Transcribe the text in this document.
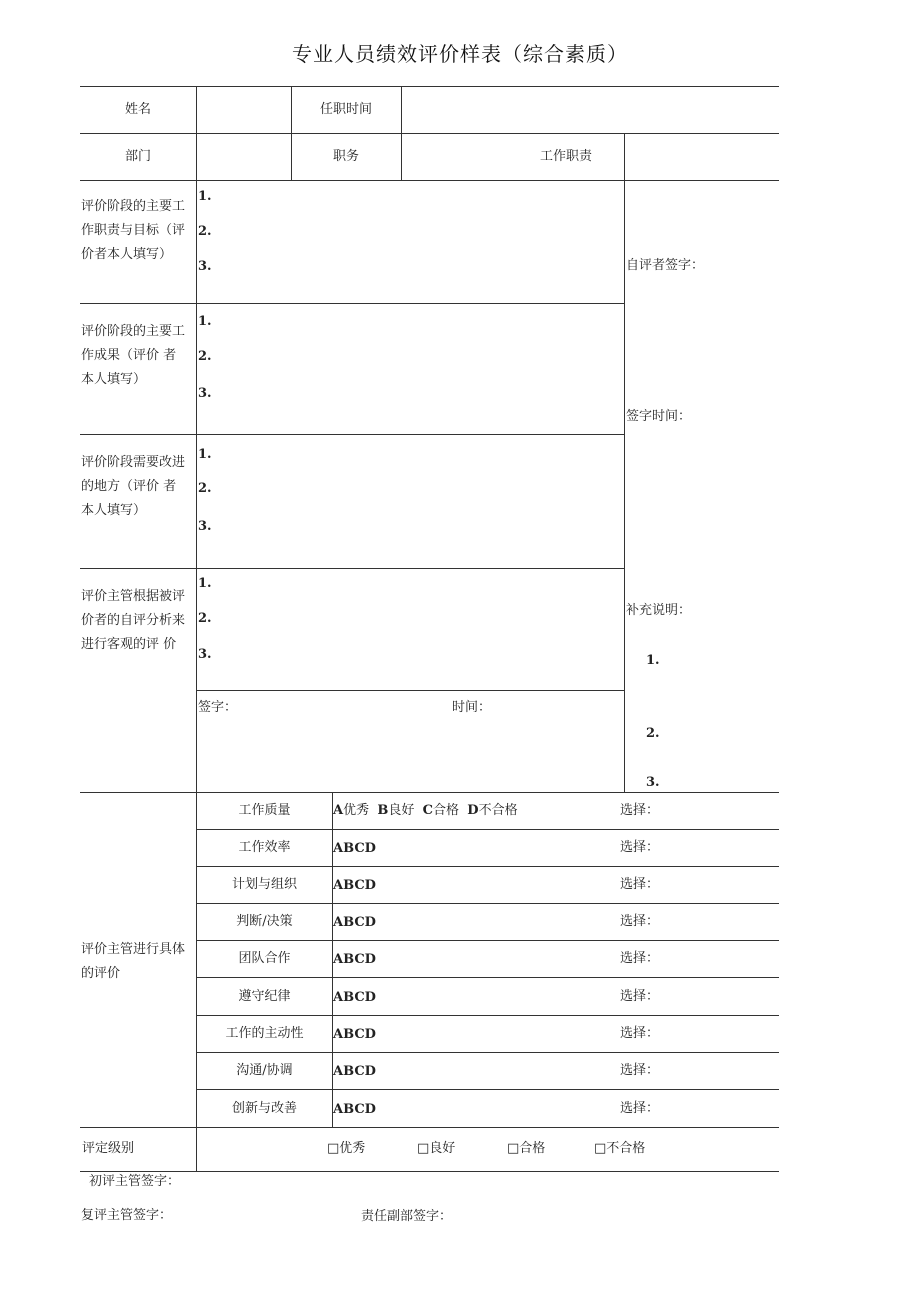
专业人员绩效评价样表（综合素质）
姓名	任职时间
部门	职务	工作职责
评价阶段的主要工作职责与目标（评价者本人填写）
1.
2.
3.
评价阶段的主要工作成果（评价 者本人填写）
1.
2.
3.
评价阶段需要改进的地方（评价 者本人填写）
1.
2.
3.
评价主管根据被评价者的自评分析来进行客观的评 价
1.
2.
3.
签字：	时间：
自评者签字：
签字时间：
补充说明：
1.
2.
3.
评价主管进行具体的评价
工作质量	A优秀 B良好 C合格 D不合格	选择：
工作效率	ABCD	选择：
计划与组织	ABCD	选择：
判断/决策	ABCD	选择：
团队合作	ABCD	选择：
遵守纪律	ABCD	选择：
工作的主动性	ABCD	选择：
沟通/协调	ABCD	选择：
创新与改善	ABCD	选择：
评定级别	□优秀	□良好	□合格	□不合格
初评主管签字：
复评主管签字：	责任副部签字：
